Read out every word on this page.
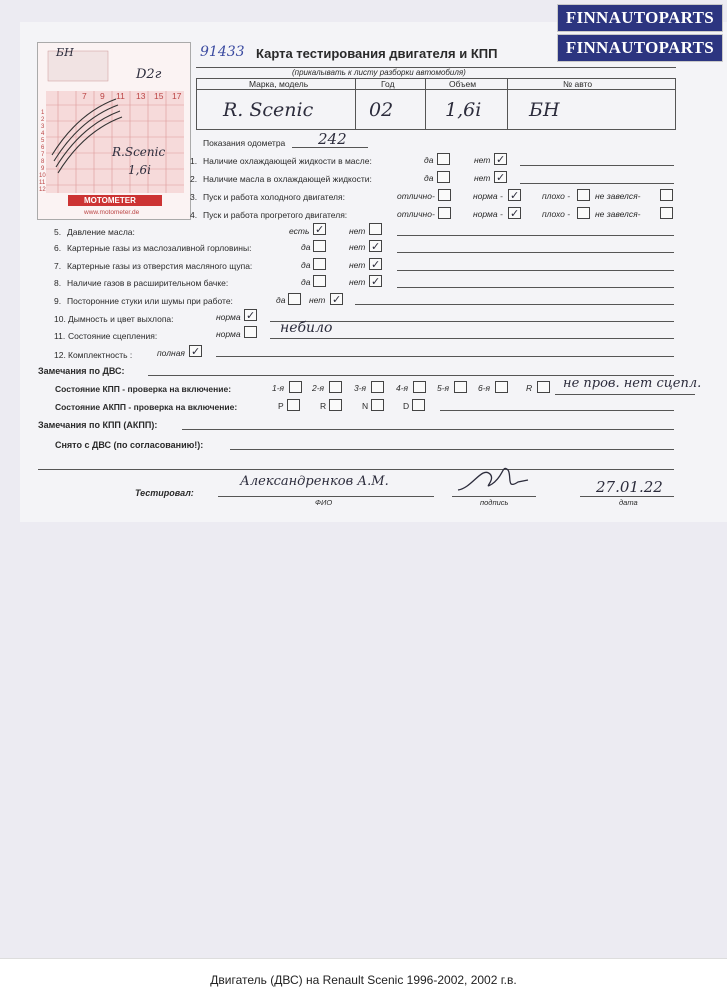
FINNAUTOPARTS
FINNAUTOPARTS
БН
D2г
7 9 11 13 15 17
1
2
3
4
5
6
7
8
9
10
11
12
R.Scenic
1,6i
MOTOMETER
www.motometer.de
91433 Карта тестирования двигателя и КПП
(прикалывать к листу разборки автомобиля)
Марка, модель	Год	Объем	№ авто
R. Scenic	02	1,6i	БН
Показания одометра 242
1. Наличие охлаждающей жидкости в масле:	да	нет ✓
2. Наличие масла в охлаждающей жидкости:	да	нет ✓
3. Пуск и работа холодного двигателя:	отлично-	норма - ✓	плохо -	не завелся-
4. Пуск и работа прогретого двигателя:	отлично-	норма - ✓	плохо -	не завелся-
5. Давление масла:	есть ✓	нет
6. Картерные газы из маслозаливной горловины:	да	нет ✓
7. Картерные газы из отверстия масляного щупа:	да	нет ✓
8. Наличие газов в расширительном бачке:	да	нет ✓
9. Посторонние стуки или шумы при работе:	да	нет ✓
10. Дымность и цвет выхлопа:	норма ✓
11. Состояние сцепления:	норма	небило
12. Комплектность :	полная ✓
Замечания по ДВС:
Состояние КПП - проверка на включение:	1-я	2-я	3-я	4-я	5-я	6-я	R не пров. нет сцепл.
Состояние АКПП - проверка на включение:	P	R	N	D
Замечания по КПП (АКПП):
Снято с ДВС (по согласованию!):
Тестировал:
Александренков А.М.
ФИО	подпись
27.01.22
дата
Двигатель (ДВС) на Renault Scenic 1996-2002, 2002 г.в.
